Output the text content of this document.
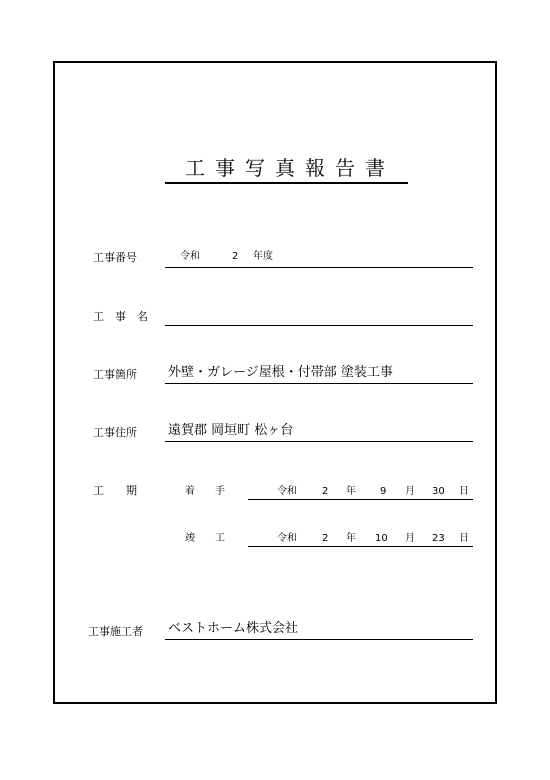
工事写真報告書
工事番号	令和	2 年度
工　事　名
工事箇所 外壁・ガレージ屋根・付帯部 塗装工事
工事住所 遠賀郡 岡垣町 松ヶ台
工　　期	着　　手	令和	2 年 9 月 30 日
竣　　工	令和	2 年 10 月 23 日
工事施工者 ベストホーム株式会社
